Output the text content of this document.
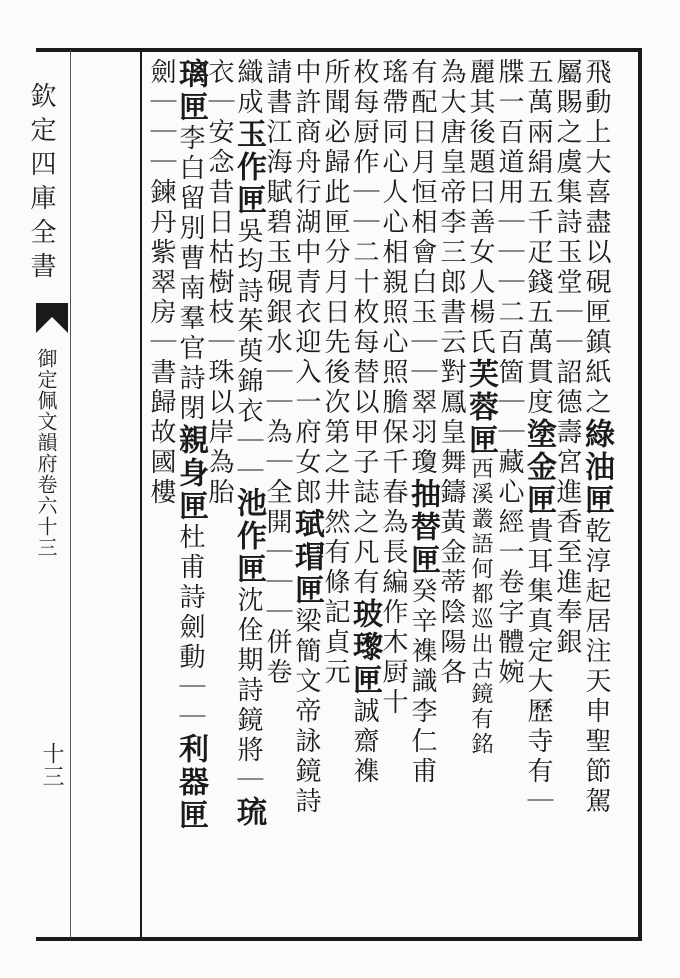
欽定四庫全書
御定佩文韻府卷六十三
十三
飛動上大喜盡以硯匣鎮紙之綠油匣乾淳起居注天申聖節駕
屬賜之虞集詩玉堂｜｜詔德壽宮進香至進奉銀
五萬兩絹五千疋錢五萬貫度塗金匣貴耳集真定大歷寺有｜
牒一百道用｜｜｜二百箇｜｜藏心經一卷字體婉
麗其後題曰善女人楊氏芙蓉匣西溪叢語何都巡出古鏡有銘
為大唐皇帝李三郎書云對鳳皇舞鑄黃金蒂陰陽各
有配日月恒相會白玉｜｜翠羽瓊抽替匣癸辛襍識李仁甫
瑤帶同心人心相親照心照膽保千春為長編作木厨十
枚每厨作｜｜二十枚每替以甲子誌之凡有玻瓈匣誠齋襍
所聞必歸此匣分月日先後次第之井然有條記貞元
中許商舟行湖中青衣迎入一府女郎珷瑁匣梁簡文帝詠鏡詩
請書江海賦碧玉硯銀水｜｜為｜全開｜｜｜併卷
織成玉作匣吳均詩茱萸錦衣｜｜池作匣沈佺期詩鏡將｜琉
衣｜安念昔日枯樹枝｜珠以岸為胎
璃匣李白留別曹南羣官詩閉親身匣杜甫詩劍動｜｜利器匣
劍｜｜｜鍊丹紫翠房｜書歸故國樓
